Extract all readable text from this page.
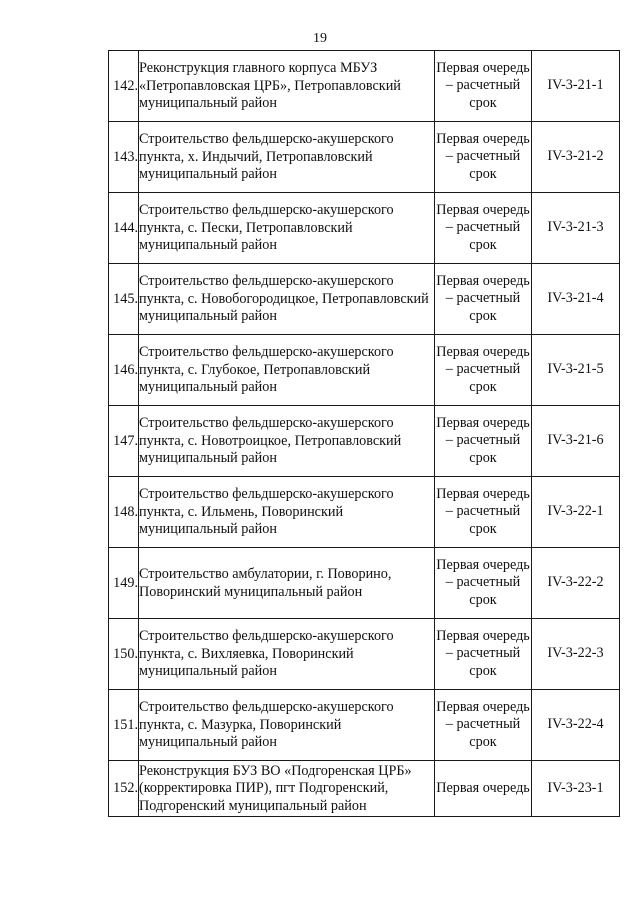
19
142.	Реконструкция главного корпуса МБУЗ «Петропавловская ЦРБ», Петропавловский муниципальный район	Первая очередь – расчетный срок	IV-3-21-1

143.	Строительство фельдшерско-акушерского пункта, х. Индычий, Петропавловский муниципальный район	Первая очередь – расчетный срок	IV-3-21-2

144.	Строительство фельдшерско-акушерского пункта, с. Пески, Петропавловский муниципальный район	Первая очередь – расчетный срок	IV-3-21-3

145.	Строительство фельдшерско-акушерского пункта, с. Новобогородицкое, Петропавловский муниципальный район	Первая очередь – расчетный срок	IV-3-21-4

146.	Строительство фельдшерско-акушерского пункта, с. Глубокое, Петропавловский муниципальный район	Первая очередь – расчетный срок	IV-3-21-5

147.	Строительство фельдшерско-акушерского пункта, с. Новотроицкое, Петропавловский муниципальный район	Первая очередь – расчетный срок	IV-3-21-6

148.	Строительство фельдшерско-акушерского пункта, с. Ильмень, Поворинский муниципальный район	Первая очередь – расчетный срок	IV-3-22-1

149.	Строительство амбулатории, г. Поворино, Поворинский муниципальный район	Первая очередь – расчетный срок	IV-3-22-2

150.	Строительство фельдшерско-акушерского пункта, с. Вихляевка, Поворинский муниципальный район	Первая очередь – расчетный срок	IV-3-22-3

151.	Строительство фельдшерско-акушерского пункта, с. Мазурка, Поворинский муниципальный район	Первая очередь – расчетный срок	IV-3-22-4

152.	Реконструкция БУЗ ВО «Подгоренская ЦРБ» (корректировка ПИР), пгт Подгоренский, Подгоренский муниципальный район	Первая очередь	IV-3-23-1
